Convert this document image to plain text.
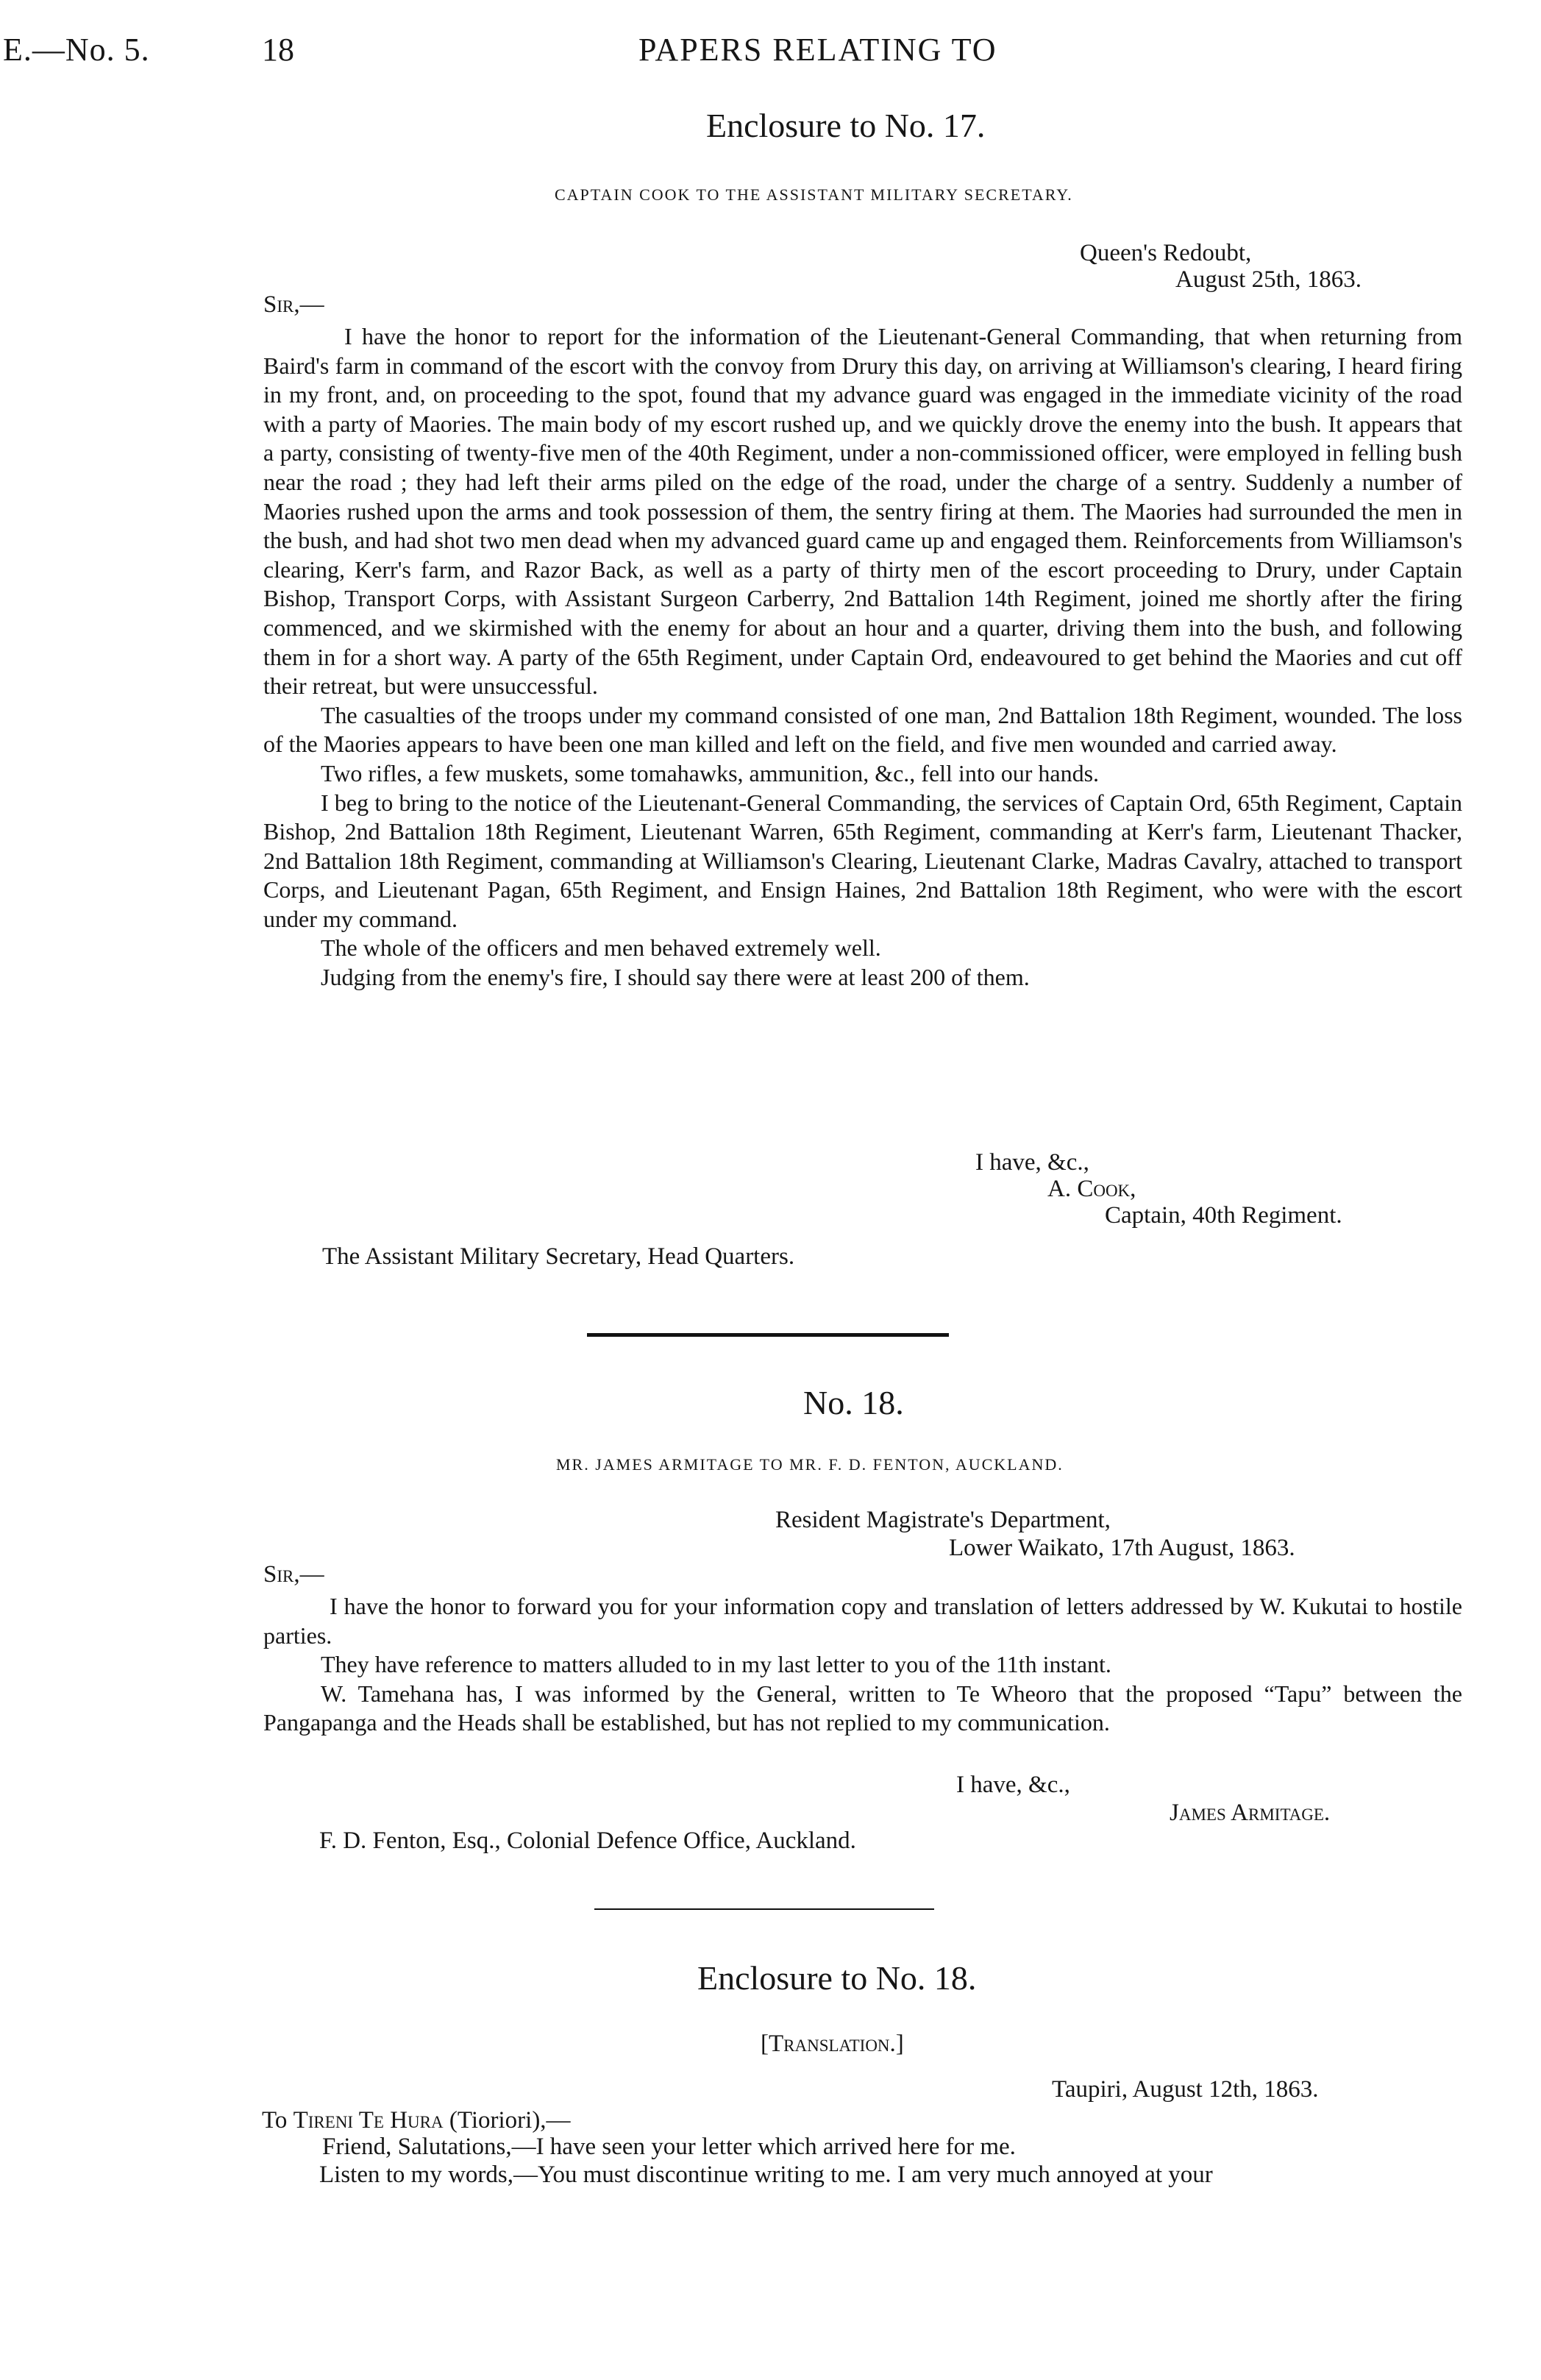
E.—No. 5.	18	PAPERS RELATING TO
Enclosure to No. 17.
CAPTAIN COOK TO THE ASSISTANT MILITARY SECRETARY.
Queen's Redoubt,
August 25th, 1863.
Sir,—

I have the honor to report for the information of the Lieutenant-General Commanding, that when returning from Baird's farm in command of the escort with the convoy from Drury this day, on arriving at Williamson's clearing, I heard firing in my front, and, on proceeding to the spot, found that my advance guard was engaged in the immediate vicinity of the road with a party of Maories. The main body of my escort rushed up, and we quickly drove the enemy into the bush. It appears that a party, consisting of twenty-five men of the 40th Regiment, under a non-commissioned officer, were employed in felling bush near the road ; they had left their arms piled on the edge of the road, under the charge of a sentry. Suddenly a number of Maories rushed upon the arms and took possession of them, the sentry firing at them. The Maories had surrounded the men in the bush, and had shot two men dead when my advanced guard came up and engaged them. Reinforcements from Williamson's clearing, Kerr's farm, and Razor Back, as well as a party of thirty men of the escort proceeding to Drury, under Captain Bishop, Transport Corps, with Assistant Surgeon Carberry, 2nd Battalion 14th Regiment, joined me shortly after the firing commenced, and we skirmished with the enemy for about an hour and a quarter, driving them into the bush, and following them in for a short way. A party of the 65th Regiment, under Captain Ord, endeavoured to get behind the Maories and cut off their retreat, but were unsuccessful.

The casualties of the troops under my command consisted of one man, 2nd Battalion 18th Regiment, wounded. The loss of the Maories appears to have been one man killed and left on the field, and five men wounded and carried away.

Two rifles, a few muskets, some tomahawks, ammunition, &c., fell into our hands.

I beg to bring to the notice of the Lieutenant-General Commanding, the services of Captain Ord, 65th Regiment, Captain Bishop, 2nd Battalion 18th Regiment, Lieutenant Warren, 65th Regiment, commanding at Kerr's farm, Lieutenant Thacker, 2nd Battalion 18th Regiment, commanding at Williamson's Clearing, Lieutenant Clarke, Madras Cavalry, attached to transport Corps, and Lieutenant Pagan, 65th Regiment, and Ensign Haines, 2nd Battalion 18th Regiment, who were with the escort under my command.

The whole of the officers and men behaved extremely well.

Judging from the enemy's fire, I should say there were at least 200 of them.

I have, &c.,
A. Cook,
Captain, 40th Regiment.
The Assistant Military Secretary, Head Quarters.
No. 18.
MR. JAMES ARMITAGE TO MR. F. D. FENTON, AUCKLAND.
Resident Magistrate's Department,
Lower Waikato, 17th August, 1863.
Sir,—

I have the honor to forward you for your information copy and translation of letters addressed by W. Kukutai to hostile parties.

They have reference to matters alluded to in my last letter to you of the 11th instant.

W. Tamehana has, I was informed by the General, written to Te Wheoro that the proposed “Tapu” between the Pangapanga and the Heads shall be established, but has not replied to my communication.

I have, &c.,
James Armitage.
F. D. Fenton, Esq., Colonial Defence Office, Auckland.
Enclosure to No. 18.
[Translation.]
Taupiri, August 12th, 1863.
To Tireni Te Hura (Tioriori),—
Friend, Salutations,—I have seen your letter which arrived here for me.
Listen to my words,—You must discontinue writing to me. I am very much annoyed at your
